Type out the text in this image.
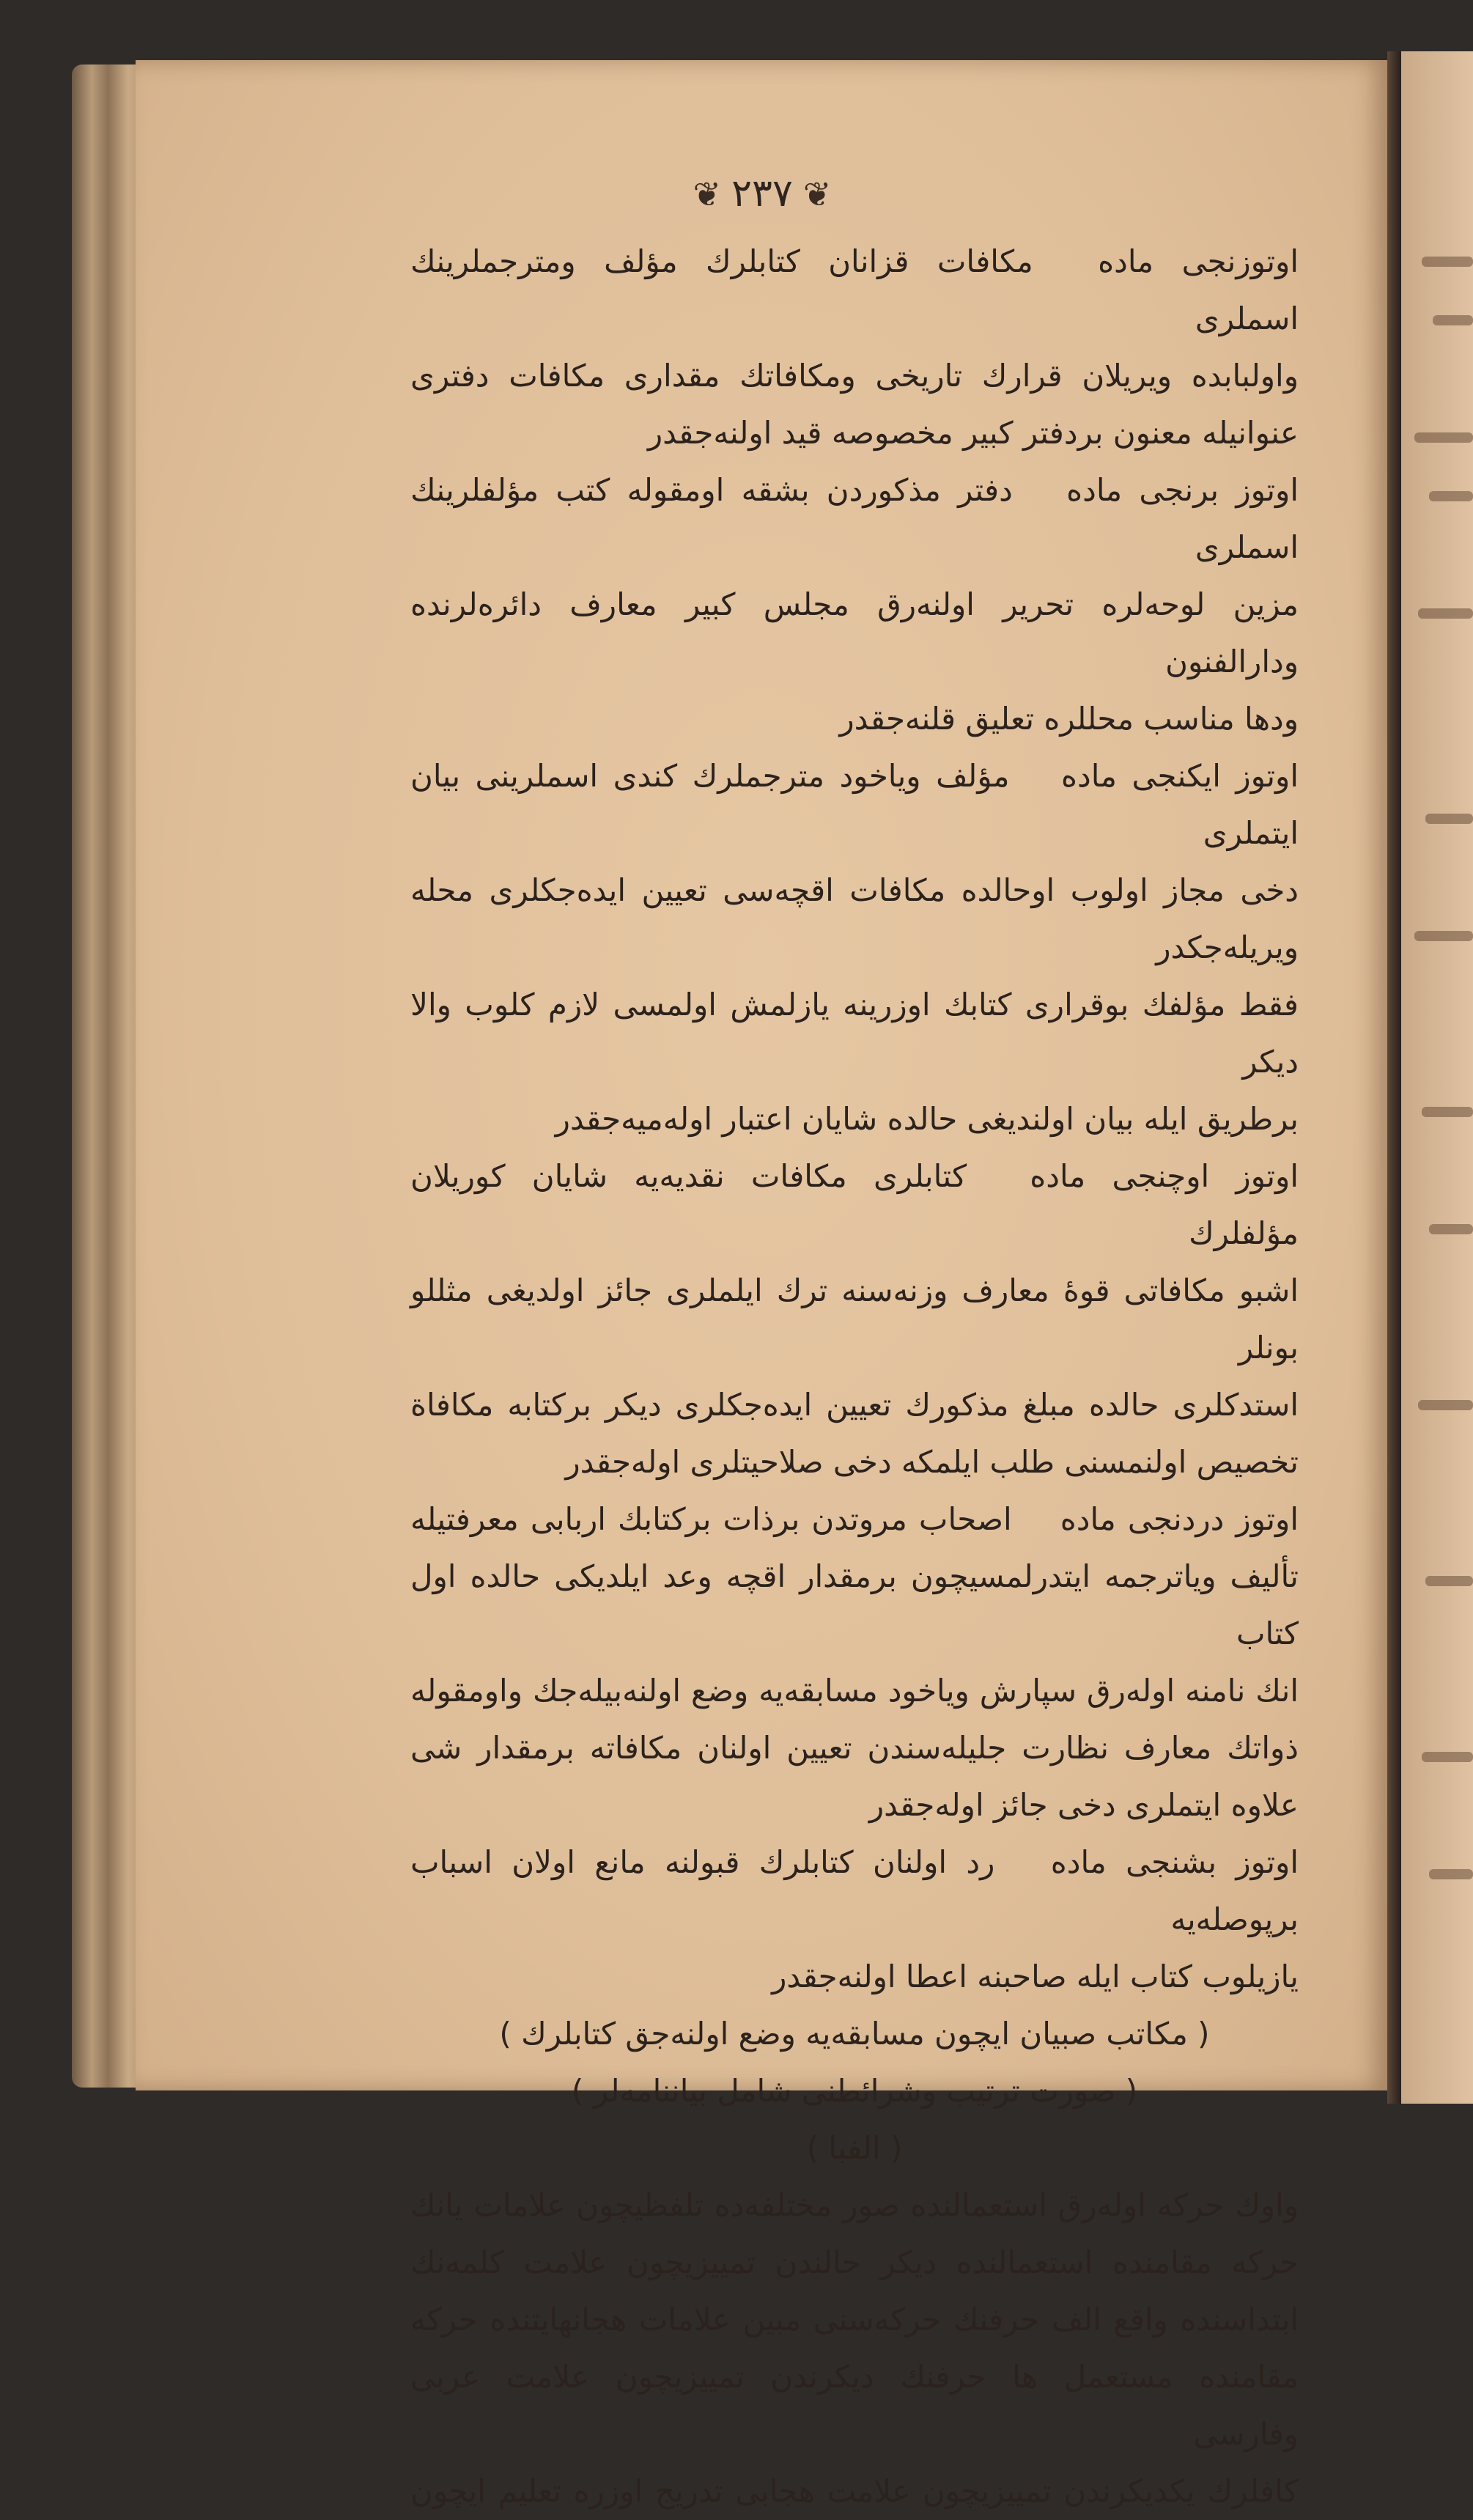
❦٢٣٧❦
اوتوزنجی ماده مکافات قزانان کتابلرك مؤلف ومترجملرینك اسملری
واولبابده ویریلان قرارك تاریخی ومکافاتك مقداری مکافات دفتری
عنوانیله معنون بردفتر کبیر مخصوصه قید اولنه‌جقدر
اوتوز برنجی ماده دفتر مذکوردن بشقه اومقوله کتب مؤلفلرینك اسملری
مزین لوحه‌لره تحریر اولنه‌رق مجلس کبیر معارف دائره‌لرنده ودارالفنون
ودها مناسب محللره تعلیق قلنه‌جقدر
اوتوز ایکنجی ماده مؤلف وياخود مترجملرك کندی اسملرینی بیان ایتملری
دخی مجاز اولوب اوحالده مکافات اقچه‌سی تعیین ایده‌جکلری محله ویریله‌جکدر
فقط مؤلفك بوقراری کتابك اوزرینه یازلمش اولمسی لازم کلوب والا دیکر
برطریق ایله بیان اولندیغی حالده شایان اعتبار اوله‌میه‌جقدر
اوتوز اوچنجی ماده کتابلری مکافات نقدیه‌یه شایان کوریلان مؤلفلرك
اشبو مکافاتی قوهٔ معارف وزنه‌سنه ترك ایلملری جائز اولدیغی مثللو بونلر
استدکلری حالده مبلغ مذکورك تعیین ایده‌جکلری دیکر برکتابه مکافاة
تخصیص اولنمسنی طلب ایلمکه دخی صلاحیتلری اوله‌جقدر
اوتوز دردنجی ماده اصحاب مروتدن برذات برکتابك اربابی معرفتیله
تألیف ویاترجمه ایتدرلمسیچون برمقدار اقچه وعد ایلدیکی حالده اول کتاب
انك نامنه اوله‌رق سپارش ویاخود مسابقه‌یه وضع اولنه‌بیله‌جك واومقوله
ذواتك معارف نظارت جلیله‌سندن تعیین اولنان مکافاته برمقدار شی
علاوه ایتملری دخی جائز اوله‌جقدر
اوتوز بشنجی ماده رد اولنان کتابلرك قبولنه مانع اولان اسباب برپوصله‌یه
یازیلوب کتاب ایله صاحبنه اعطا اولنه‌جقدر
( مکاتب صبیان ایچون مسابقه‌یه وضع اولنه‌جق کتابلرك )
( صورت ترتیب وشرائطنی شامل بیاننامه‌لر )
( الفبا )
واوك حرکه اوله‌رق استعمالنده صور مختلفه‌ده تلفظیچون علامات یانك
حرکه مقامنده استعمالنده دیکر حالندن تمییزیچون علامت کلمه‌نك
ابتداسنده واقع الف حرفنك حرکه‌سنی مبین علامات هجانهایتنده حرکه
مقامنده مستعمل ها حرفنك دیکرندن تمییزیچون علامت عربی وفارسی
کافلرك یکدیکرندن تمییزیچون علامت هجابی تدریج اوزره تعلیم ایچون
